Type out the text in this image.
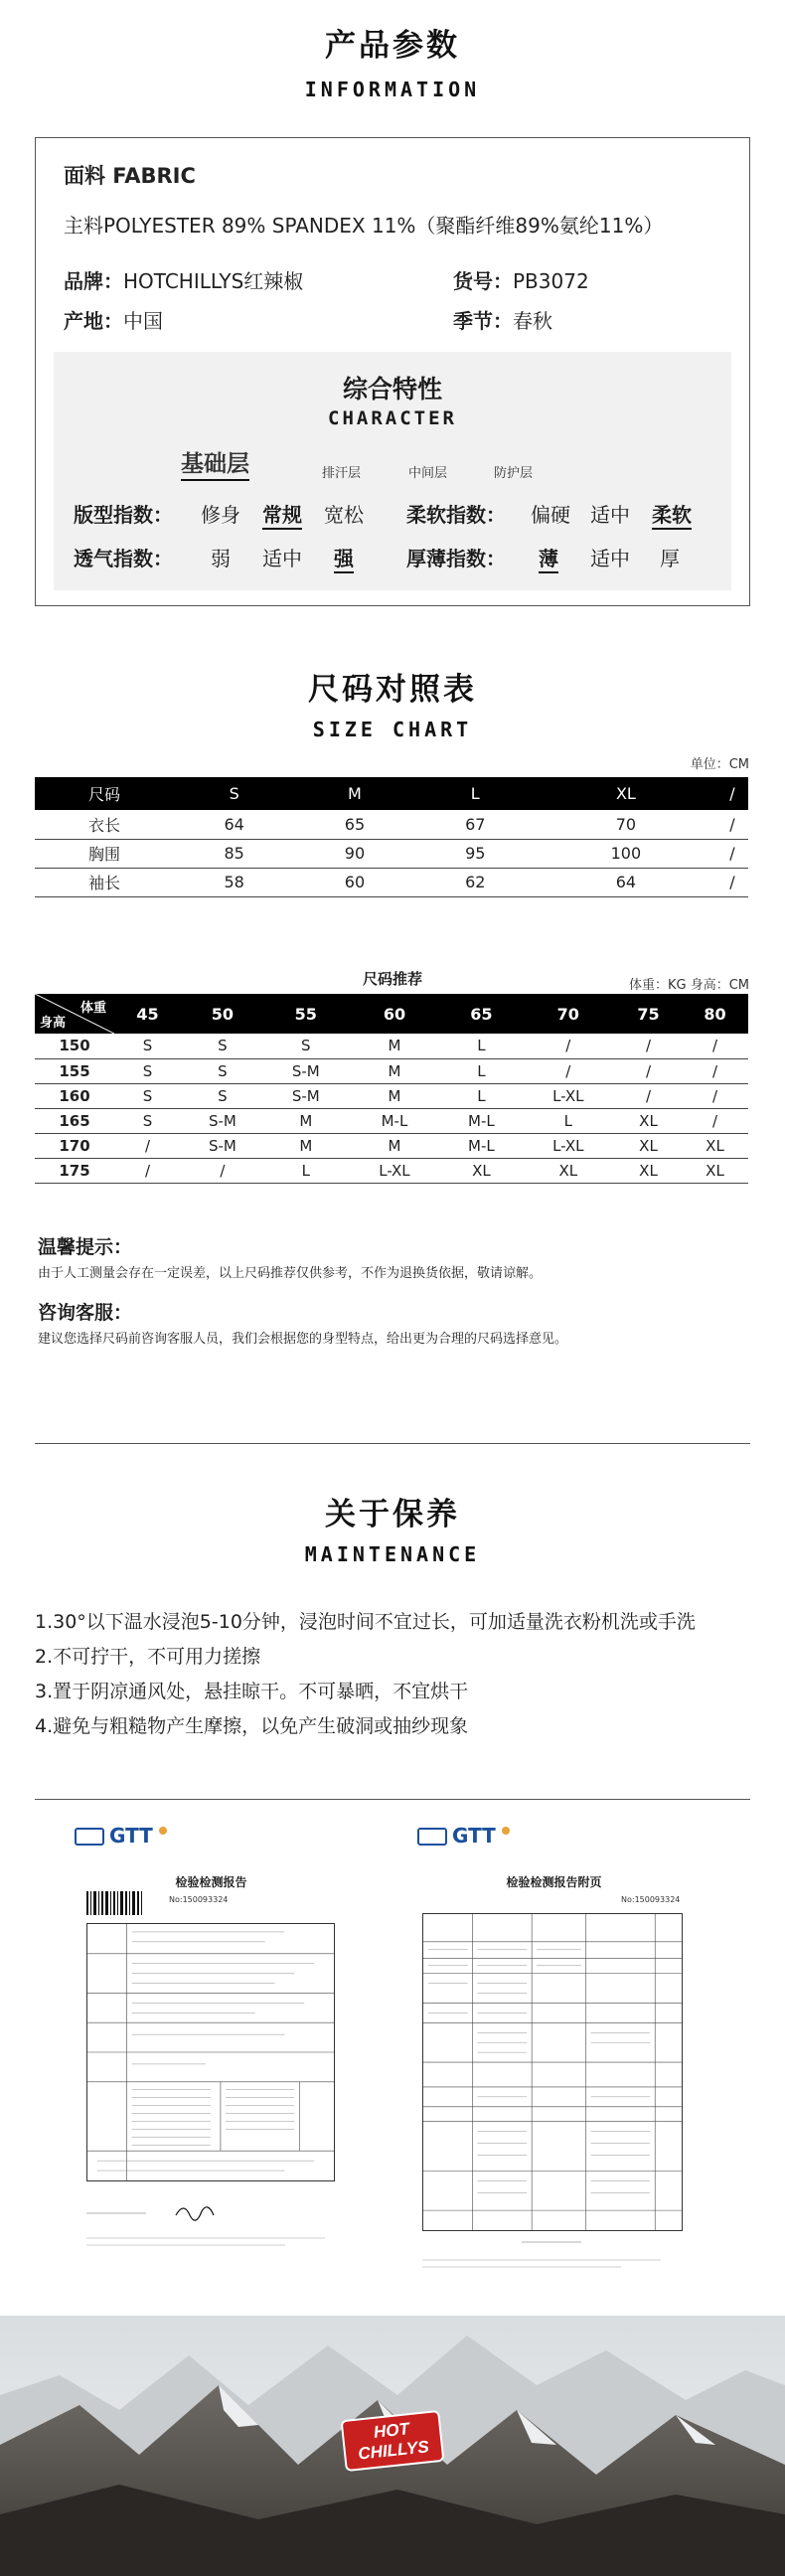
产品参数
INFORMATION
面料 FABRIC
主料POLYESTER 89% SPANDEX 11%（聚酯纤维89%氨纶11%）
品牌：HOTCHILLYS红辣椒	货号：PB3072
产地：中国	季节：春秋
综合特性
CHARACTER
基础层	排汗层	中间层	防护层
版型指数： 修身 常规 宽松 柔软指数： 偏硬 适中 柔软
透气指数： 弱 适中 强	厚薄指数： 薄 适中 厚
尺码对照表
SIZE CHART
单位：CM
尺码	S	M	L	XL	/
衣长	64	65	67	70	/
胸围	85	90	95	100	/
袖长	58	60	62	64	/
尺码推荐	体重：KG 身高：CM
体重
身高	45	50	55	60	65	70	75	80
150	S	S	S	M	L	/	/	/
155	S	S	S-M	M	L	/	/	/
160	S	S	S-M	M	L	L-XL	/	/
165	S	S-M	M	M-L	M-L	L	XL	/
170	/	S-M	M	M	M-L	L-XL	XL	XL
175	/	/	L	L-XL	XL	XL	XL	XL
温馨提示：
由于人工测量会存在一定误差，以上尺码推荐仅供参考，不作为退换货依据，敬请谅解。
咨询客服：
建议您选择尺码前咨询客服人员，我们会根据您的身型特点，给出更为合理的尺码选择意见。
关于保养
MAINTENANCE
1.30°以下温水浸泡5-10分钟，浸泡时间不宜过长，可加适量洗衣粉机洗或手洗
2.不可拧干，不可用力搓擦
3.置于阴凉通风处，悬挂晾干。不可暴晒，不宜烘干
4.避免与粗糙物产生摩擦，以免产生破洞或抽纱现象
GTT
检验检测报告
No:150093324
GTT
检验检测报告附页
No:150093324
HOT CHILLYS
